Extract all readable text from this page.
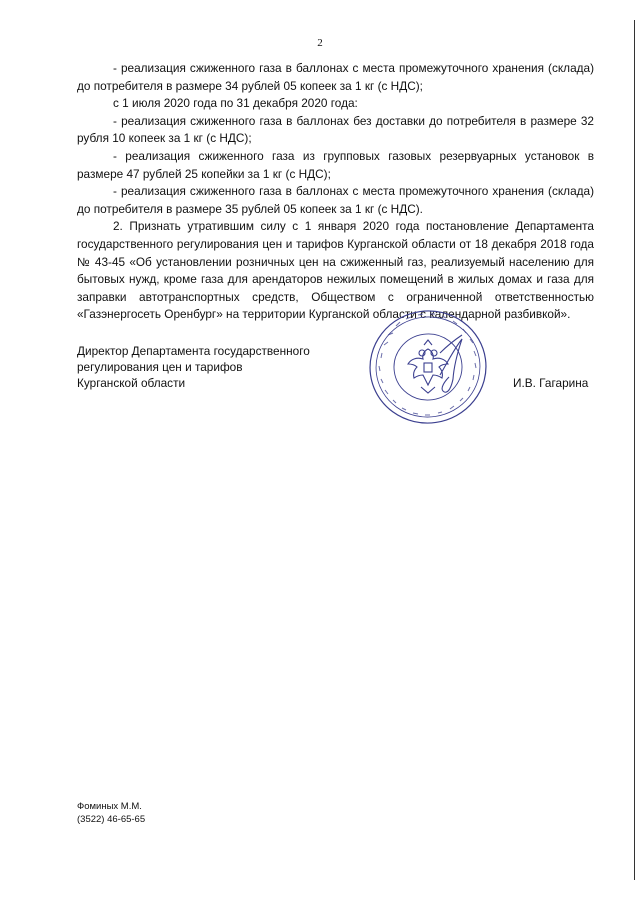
2

- реализация сжиженного газа в баллонах с места промежуточного хранения (склада) до потребителя в размере 34 рублей 05 копеек за 1 кг (с НДС);

с 1 июля 2020 года по 31 декабря 2020 года:

- реализация сжиженного газа в баллонах без доставки до потребителя в размере 32 рубля 10 копеек за 1 кг (с НДС);

- реализация сжиженного газа из групповых газовых резервуарных установок в размере 47 рублей 25 копейки за 1 кг (с НДС);

- реализация сжиженного газа в баллонах с места промежуточного хранения (склада) до потребителя в размере 35 рублей 05 копеек за 1 кг (с НДС).

2. Признать утратившим силу с 1 января 2020 года постановление Департамента государственного регулирования цен и тарифов Курганской области от 18 декабря 2018 года № 43-45 «Об установлении розничных цен на сжиженный газ, реализуемый населению для бытовых нужд, кроме газа для арендаторов нежилых помещений в жилых домах и газа для заправки автотранспортных средств, Обществом с ограниченной ответственностью «Газэнергосеть Оренбург» на территории Курганской области с календарной разбивкой».

Директор Департамента государственного
регулирования цен и тарифов
Курганской области	И.В. Гагарина
Фоминых М.М.
(3522) 46-65-65
